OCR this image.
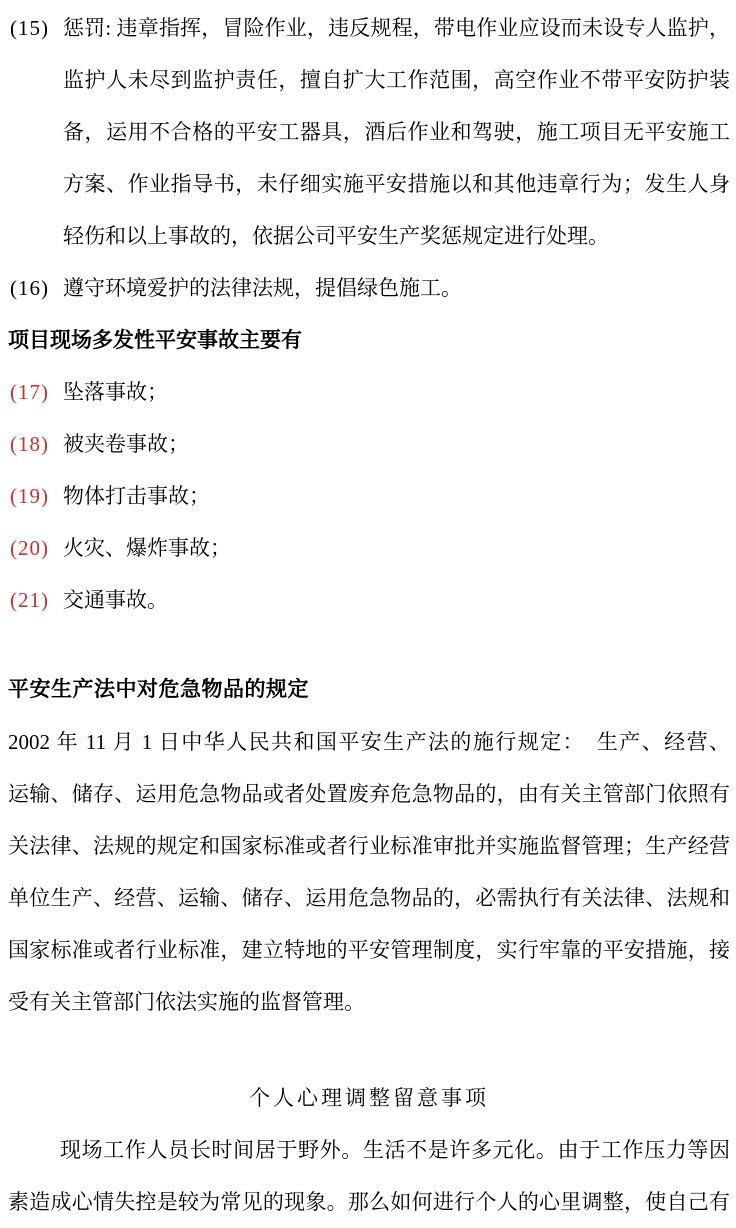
(15) 惩罚: 违章指挥，冒险作业，违反规程，带电作业应设而未设专人监护，
监护人未尽到监护责任，擅自扩大工作范围，高空作业不带平安防护装
备，运用不合格的平安工器具，酒后作业和驾驶，施工项目无平安施工
方案、作业指导书，未仔细实施平安措施以和其他违章行为；发生人身
轻伤和以上事故的，依据公司平安生产奖惩规定进行处理。
(16) 遵守环境爱护的法律法规，提倡绿色施工。
项目现场多发性平安事故主要有
(17) 坠落事故；
(18) 被夹卷事故；
(19) 物体打击事故；
(20) 火灾、爆炸事故；
(21) 交通事故。
平安生产法中对危急物品的规定
2002 年 11 月 1 日中华人民共和国平安生产法的施行规定：　生产、经营、
运输、储存、运用危急物品或者处置废弃危急物品的，由有关主管部门依照有
关法律、法规的规定和国家标准或者行业标准审批并实施监督管理；生产经营
单位生产、经营、运输、储存、运用危急物品的，必需执行有关法律、法规和
国家标准或者行业标准，建立特地的平安管理制度，实行牢靠的平安措施，接
受有关主管部门依法实施的监督管理。
个人心理调整留意事项
现场工作人员长时间居于野外。生活不是许多元化。由于工作压力等因
素造成心情失控是较为常见的现象。那么如何进行个人的心里调整，使自己有
